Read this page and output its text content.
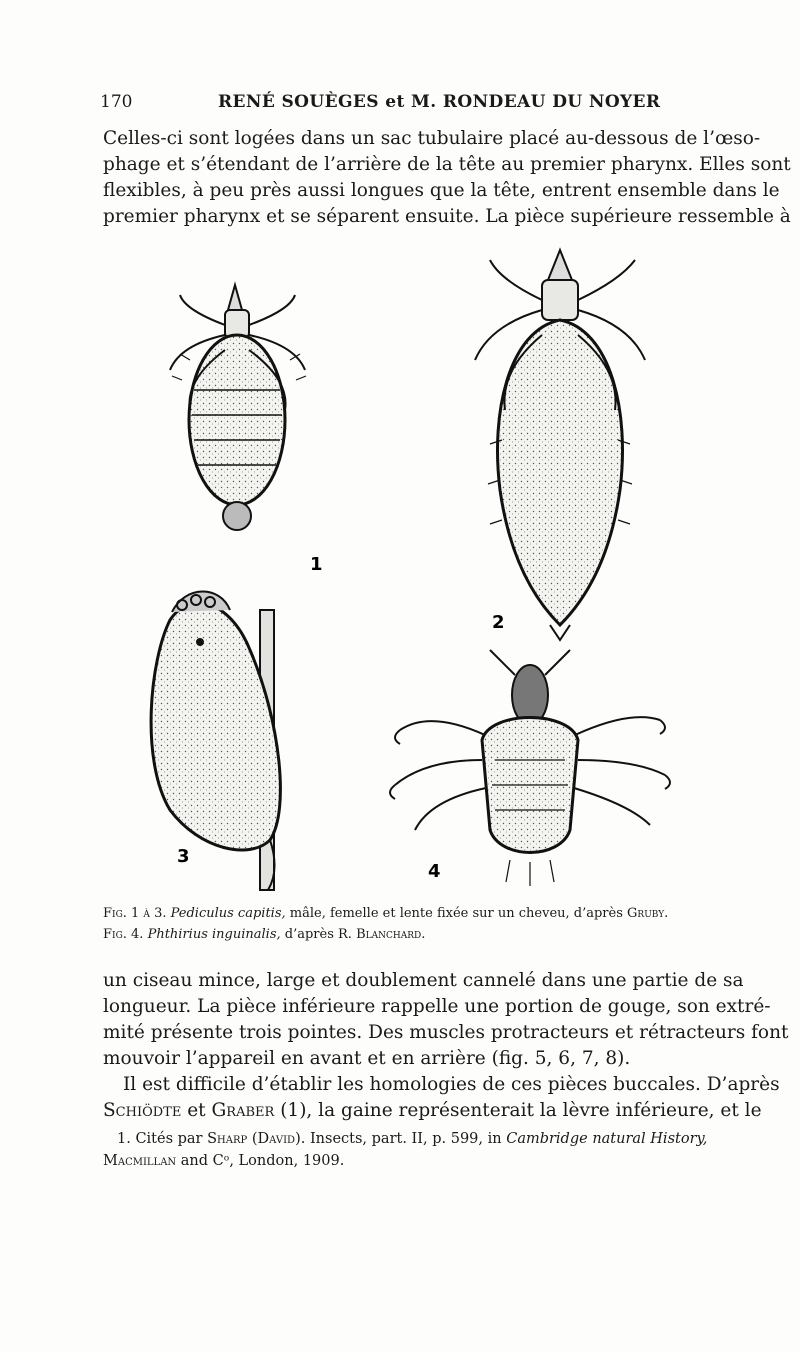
170	RENÉ SOUÈGES et M. RONDEAU DU NOYER
Celles-ci sont logées dans un sac tubulaire placé au-dessous de l’œso-
phage et s’étendant de l’arrière de la tête au premier pharynx. Elles sont
flexibles, à peu près aussi longues que la tête, entrent ensemble dans le
premier pharynx et se séparent ensuite. La pièce supérieure ressemble à
1
2
3
4
Fig. 1 à 3. Pediculus capitis, mâle, femelle et lente fixée sur un cheveu, d’après Gruby.
Fig. 4. Phthirius inguinalis, d’après R. Blanchard.
un ciseau mince, large et doublement cannelé dans une partie de sa
longueur. La pièce inférieure rappelle une portion de gouge, son extré-
mité présente trois pointes. Des muscles protracteurs et rétracteurs font
mouvoir l’appareil en avant et en arrière (fig. 5, 6, 7, 8).
Il est difficile d’établir les homologies de ces pièces buccales. D’après
Schiödte et Graber (1), la gaine représenterait la lèvre inférieure, et le
1. Cités par Sharp (David). Insects, part. II, p. 599, in Cambridge natural History,
Macmillan and Cᵒ, London, 1909.
